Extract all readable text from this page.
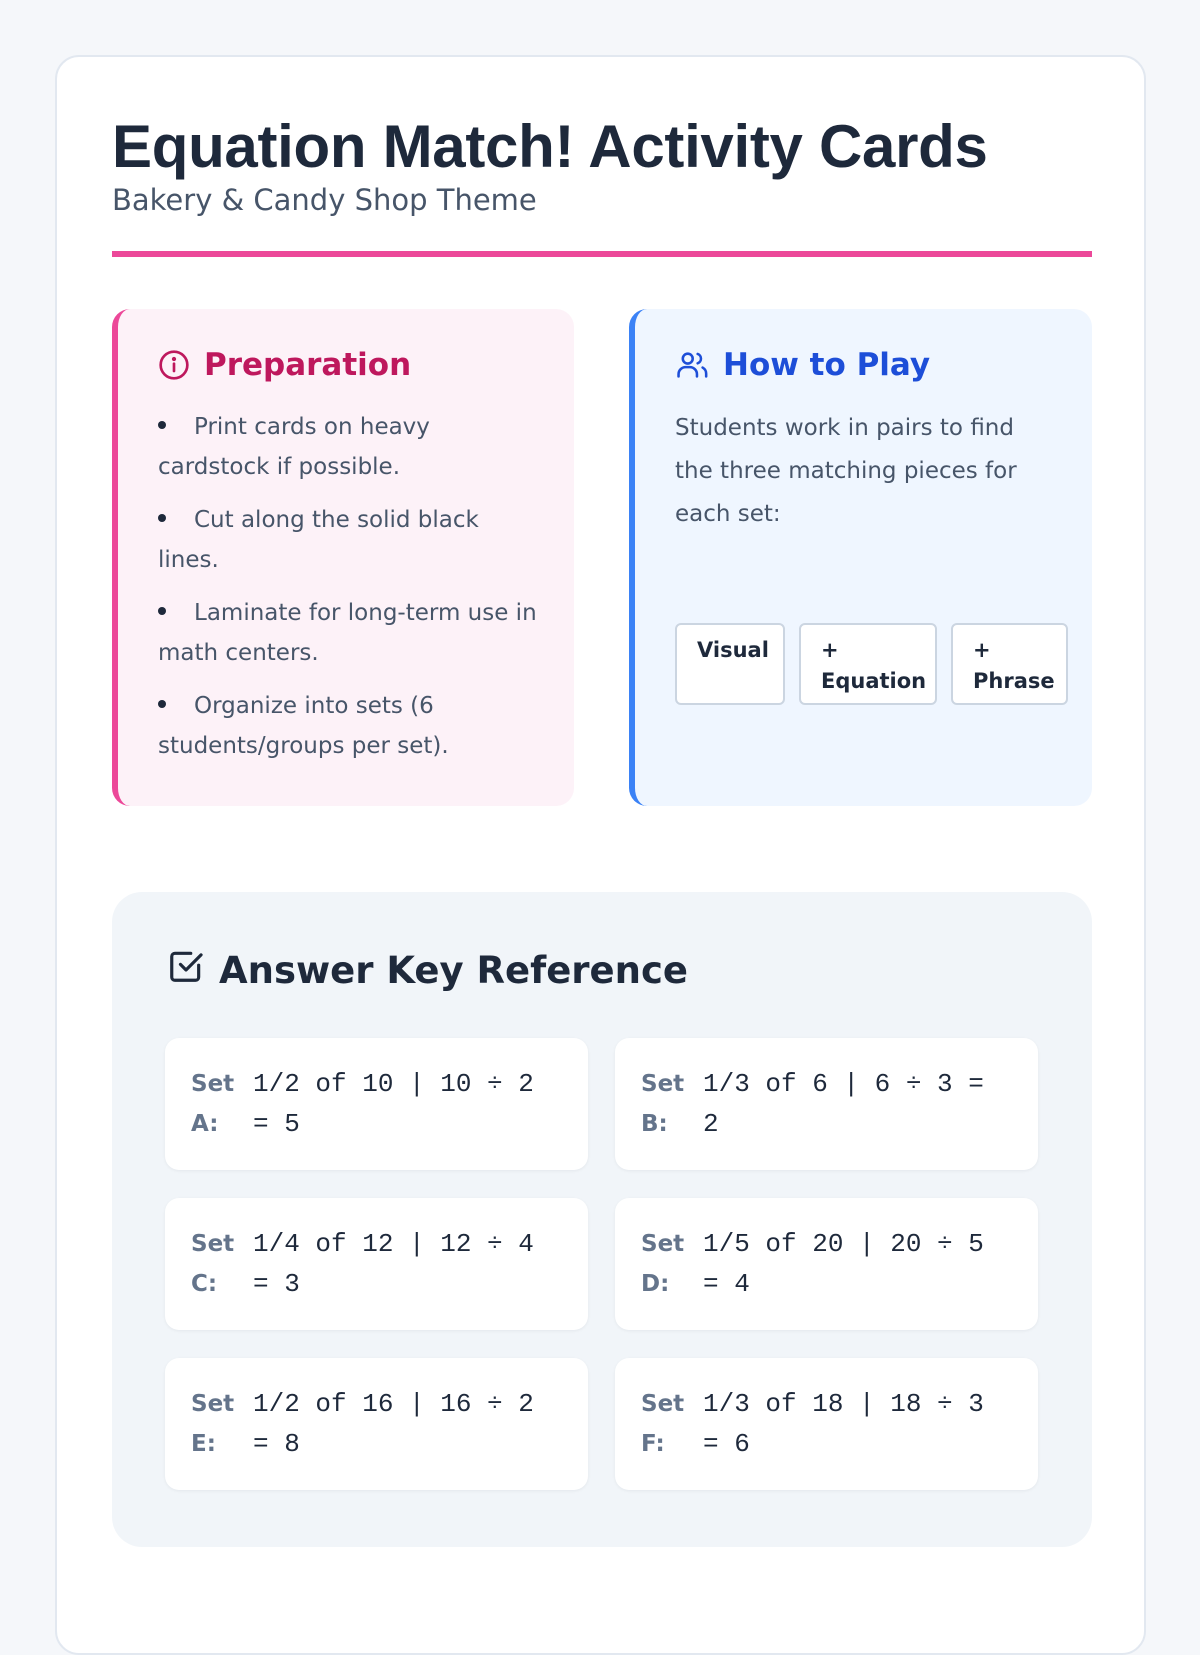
Equation Match! Activity Cards
Bakery & Candy Shop Theme
Preparation
Print cards on heavy cardstock if possible.
Cut along the solid black lines.
Laminate for long-term use in math centers.
Organize into sets (6 students/groups per set).
How to Play

Students work in pairs to find the three matching pieces for each set:

Visual	+
Equation
+
Phrase
Answer Key Reference
Set A:
1/2 of 10 | 10 ÷ 2 = 5
Set B:
1/3 of 6 | 6 ÷ 3 = 2
Set C:
1/4 of 12 | 12 ÷ 4 = 3
Set D:
1/5 of 20 | 20 ÷ 5 = 4
Set E:
1/2 of 16 | 16 ÷ 2 = 8
Set F:
1/3 of 18 | 18 ÷ 3 = 6
